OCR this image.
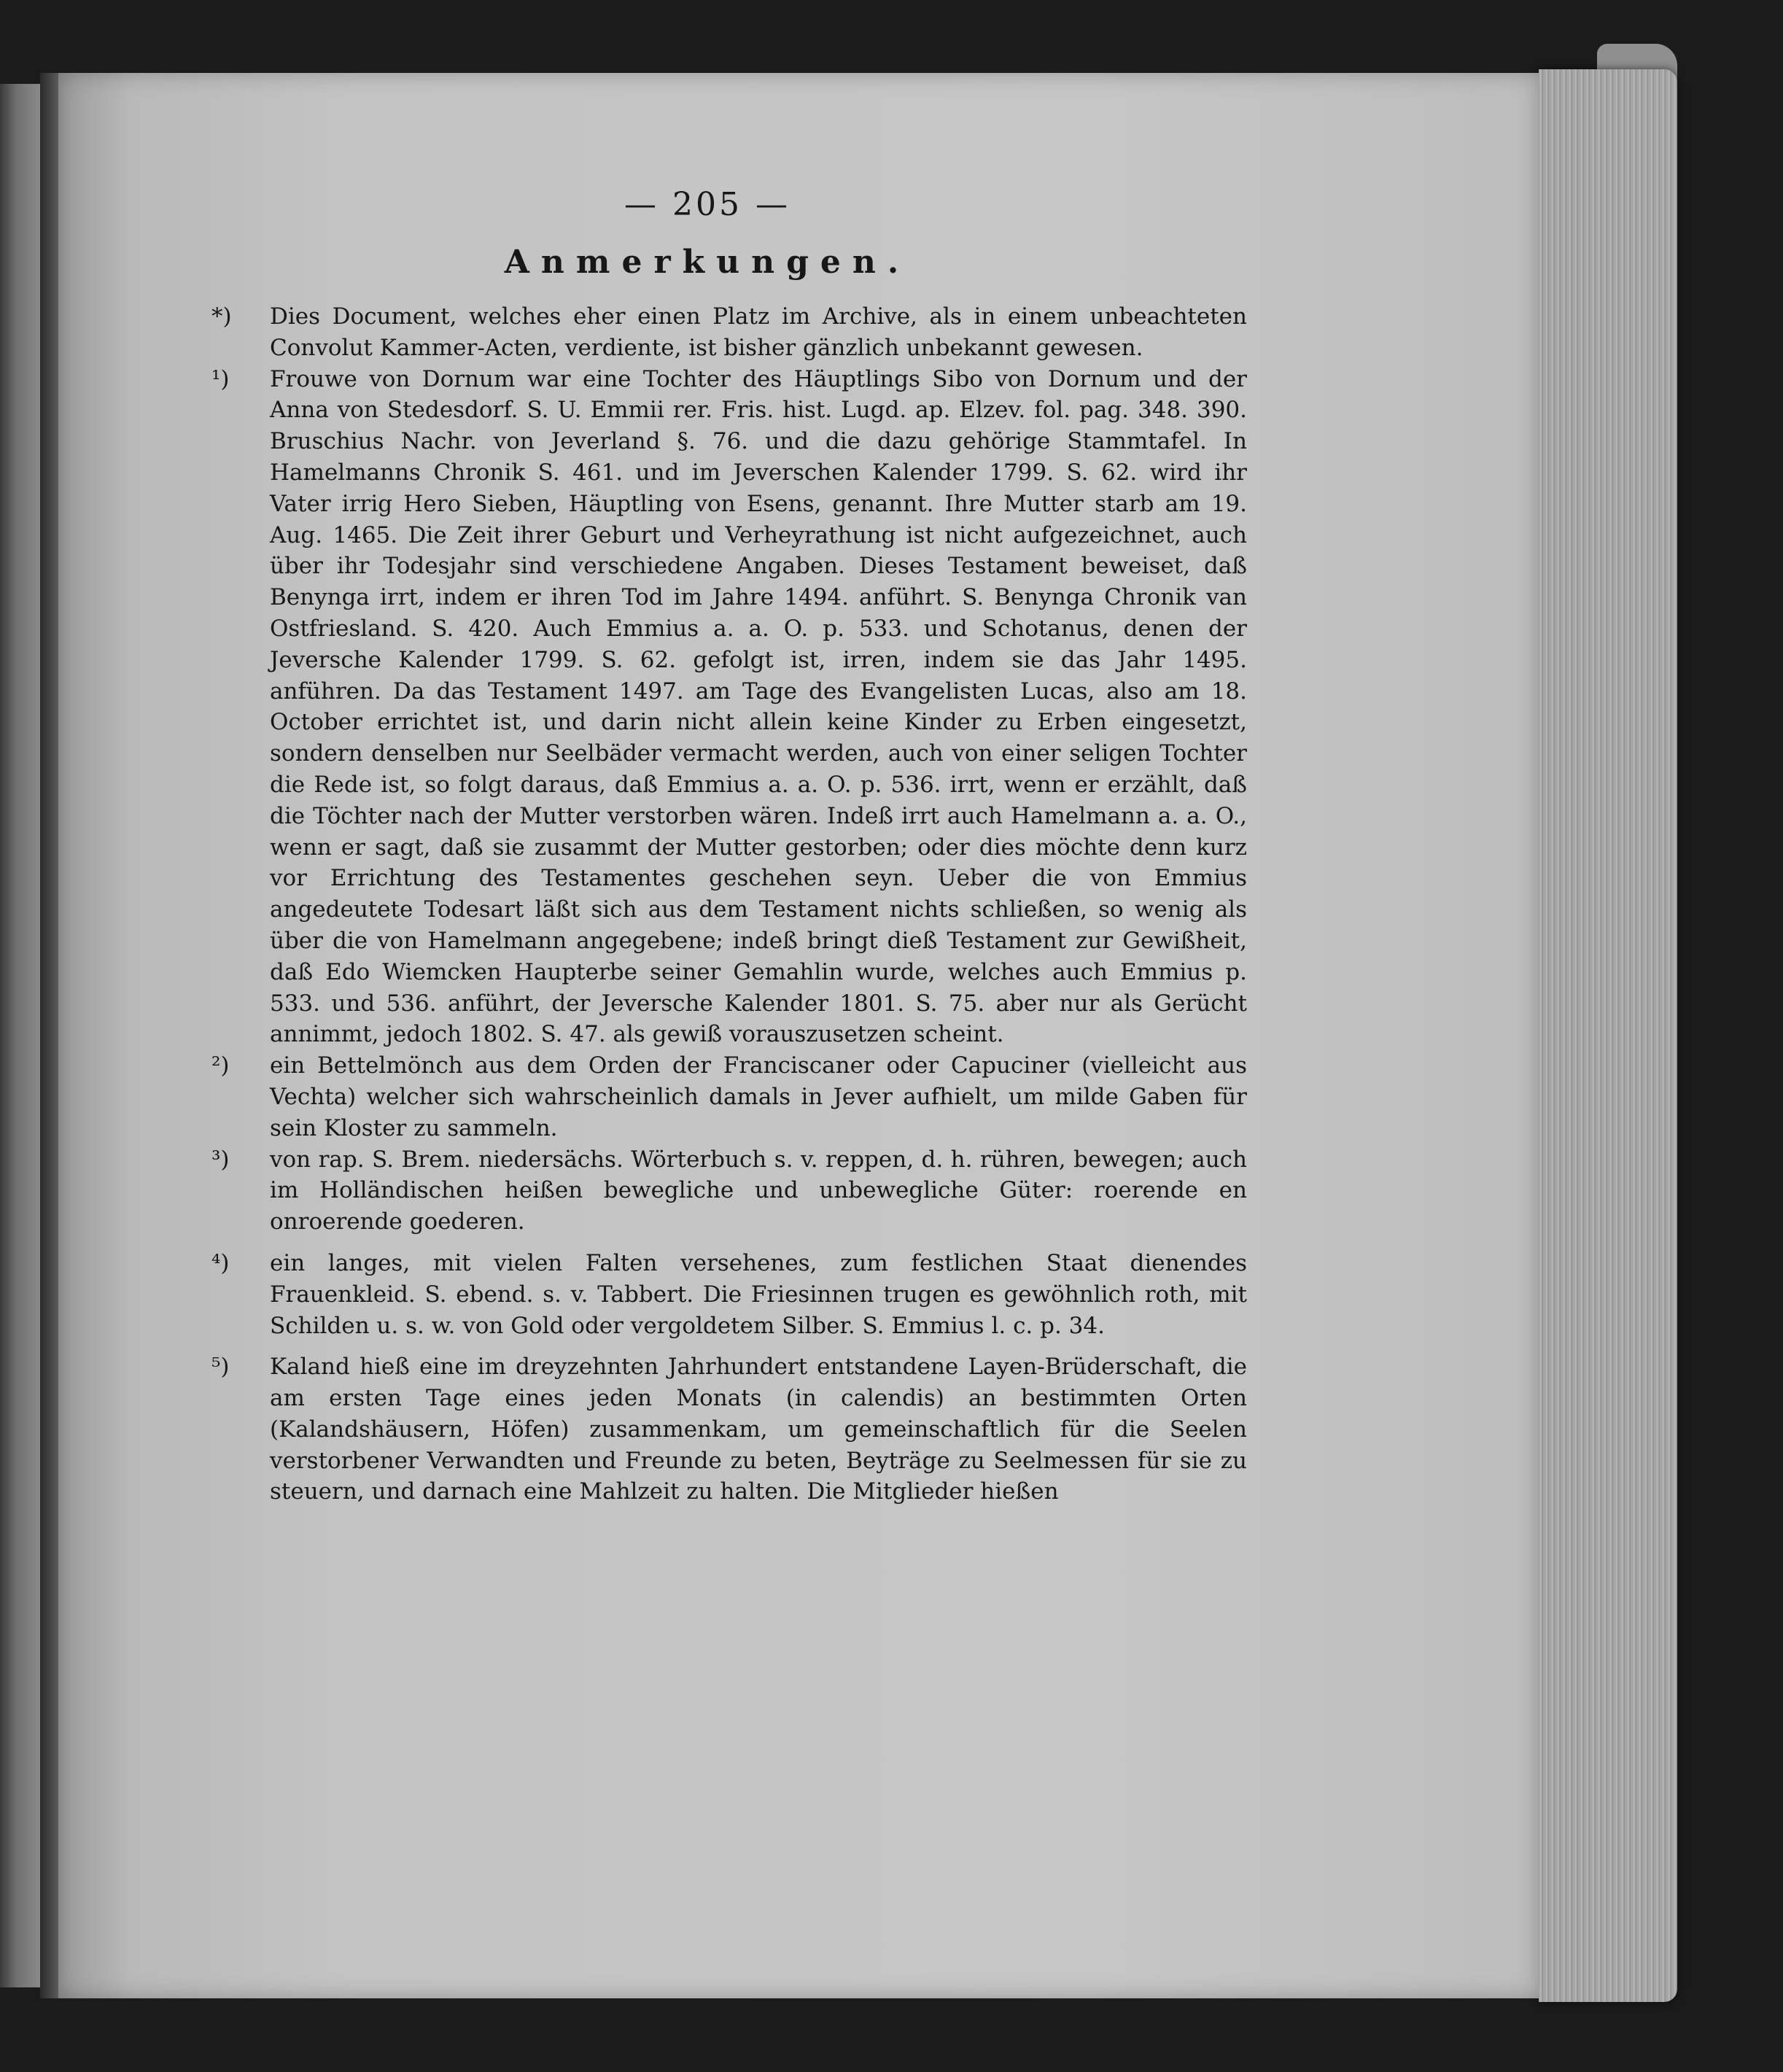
— 205 —
Anmerkungen.

*) Dies Document, welches eher einen Platz im Archive, als in einem unbeachteten Convolut Kammer-Acten, verdiente, ist bisher gänzlich unbekannt gewesen.

¹) Frouwe von Dornum war eine Tochter des Häuptlings Sibo von Dornum und der Anna von Stedesdorf. S. U. Emmii rer. Fris. hist. Lugd. ap. Elzev. fol. pag. 348. 390. Bruschius Nachr. von Jeverland §. 76. und die dazu gehörige Stammtafel. In Hamelmanns Chronik S. 461. und im Jeverschen Kalender 1799. S. 62. wird ihr Vater irrig Hero Sieben, Häuptling von Esens, genannt. Ihre Mutter starb am 19. Aug. 1465. Die Zeit ihrer Geburt und Verheyrathung ist nicht aufgezeichnet, auch über ihr Todesjahr sind verschiedene Angaben. Dieses Testament beweiset, daß Benynga irrt, indem er ihren Tod im Jahre 1494. anführt. S. Benynga Chronik van Ostfriesland. S. 420. Auch Emmius a. a. O. p. 533. und Schotanus, denen der Jeversche Kalender 1799. S. 62. gefolgt ist, irren, indem sie das Jahr 1495. anführen. Da das Testament 1497. am Tage des Evangelisten Lucas, also am 18. October errichtet ist, und darin nicht allein keine Kinder zu Erben eingesetzt, sondern denselben nur Seelbäder vermacht werden, auch von einer seligen Tochter die Rede ist, so folgt daraus, daß Emmius a. a. O. p. 536. irrt, wenn er erzählt, daß die Töchter nach der Mutter verstorben wären. Indeß irrt auch Hamelmann a. a. O., wenn er sagt, daß sie zusammt der Mutter gestorben; oder dies möchte denn kurz vor Errichtung des Testamentes geschehen seyn. Ueber die von Emmius angedeutete Todesart läßt sich aus dem Testament nichts schließen, so wenig als über die von Hamelmann angegebene; indeß bringt dieß Testament zur Gewißheit, daß Edo Wiemcken Haupterbe seiner Gemahlin wurde, welches auch Emmius p. 533. und 536. anführt, der Jeversche Kalender 1801. S. 75. aber nur als Gerücht annimmt, jedoch 1802. S. 47. als gewiß vorauszusetzen scheint.

²) ein Bettelmönch aus dem Orden der Franciscaner oder Capuciner (vielleicht aus Vechta) welcher sich wahrscheinlich damals in Jever aufhielt, um milde Gaben für sein Kloster zu sammeln.

³) von rap. S. Brem. niedersächs. Wörterbuch s. v. reppen, d. h. rühren, bewegen; auch im Holländischen heißen bewegliche und unbewegliche Güter: roerende en onroerende goederen.

⁴) ein langes, mit vielen Falten versehenes, zum festlichen Staat dienendes Frauenkleid. S. ebend. s. v. Tabbert. Die Friesinnen trugen es gewöhnlich roth, mit Schilden u. s. w. von Gold oder vergoldetem Silber. S. Emmius l. c. p. 34.

⁵) Kaland hieß eine im dreyzehnten Jahrhundert entstandene Layen-Brüderschaft, die am ersten Tage eines jeden Monats (in calendis) an bestimmten Orten (Kalandshäusern, Höfen) zusammenkam, um gemeinschaftlich für die Seelen verstorbener Verwandten und Freunde zu beten, Beyträge zu Seelmessen für sie zu steuern, und darnach eine Mahlzeit zu halten. Die Mitglieder hießen
